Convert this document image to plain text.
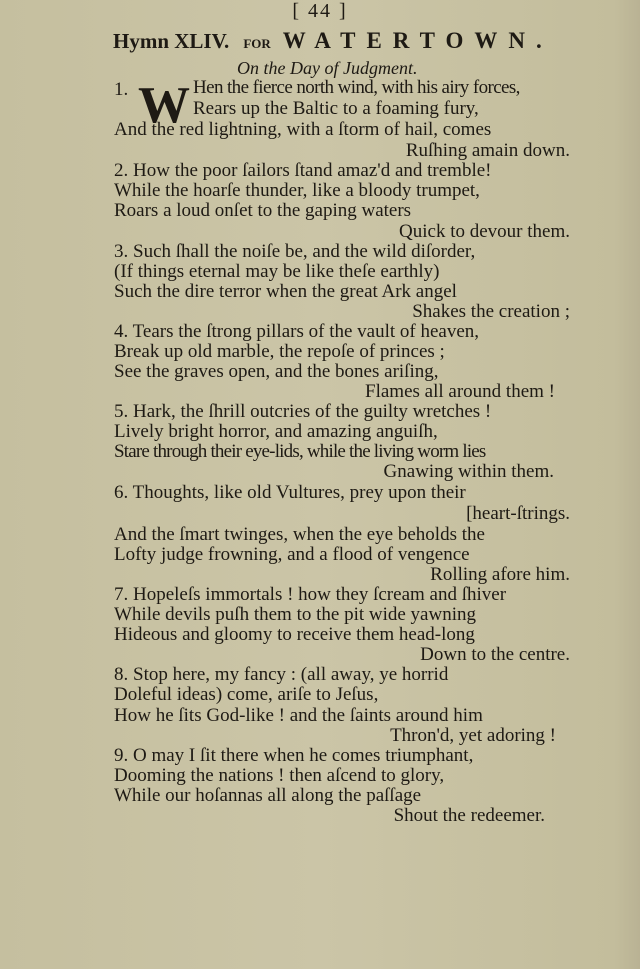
[ 44 ]
Hymn XLIV. FOR WATERTOWN.
On the Day of Judgment.
W
1.	Hen the fierce north wind, with his airy forces,
Rears up the Baltic to a foaming fury,
And the red lightning, with a ſtorm of hail, comes
Ruſhing amain down.
2. How the poor ſailors ſtand amaz'd and tremble!
While the hoarſe thunder, like a bloody trumpet,
Roars a loud onſet to the gaping waters
Quick to devour them.
3. Such ſhall the noiſe be, and the wild diſorder,
(If things eternal may be like theſe earthly)
Such the dire terror when the great Ark angel
Shakes the creation ;
4. Tears the ſtrong pillars of the vault of heaven,
Break up old marble, the repoſe of princes ;
See the graves open, and the bones ariſing,
Flames all around them !
5. Hark, the ſhrill outcries of the guilty wretches !
Lively bright horror, and amazing anguiſh,
Stare through their eye-lids, while the living worm lies
Gnawing within them.
6. Thoughts, like old Vultures, prey upon their
[heart-ſtrings.
And the ſmart twinges, when the eye beholds the
Lofty judge frowning, and a flood of vengence
Rolling afore him.
7. Hopeleſs immortals ! how they ſcream and ſhiver
While devils puſh them to the pit wide yawning
Hideous and gloomy to receive them head-long
Down to the centre.
8. Stop here, my fancy : (all away, ye horrid
Doleful ideas) come, ariſe to Jeſus,
How he ſits God-like ! and the ſaints around him
Thron'd, yet adoring !
9. O may I ſit there when he comes triumphant,
Dooming the nations ! then aſcend to glory,
While our hoſannas all along the paſſage
Shout the redeemer.
